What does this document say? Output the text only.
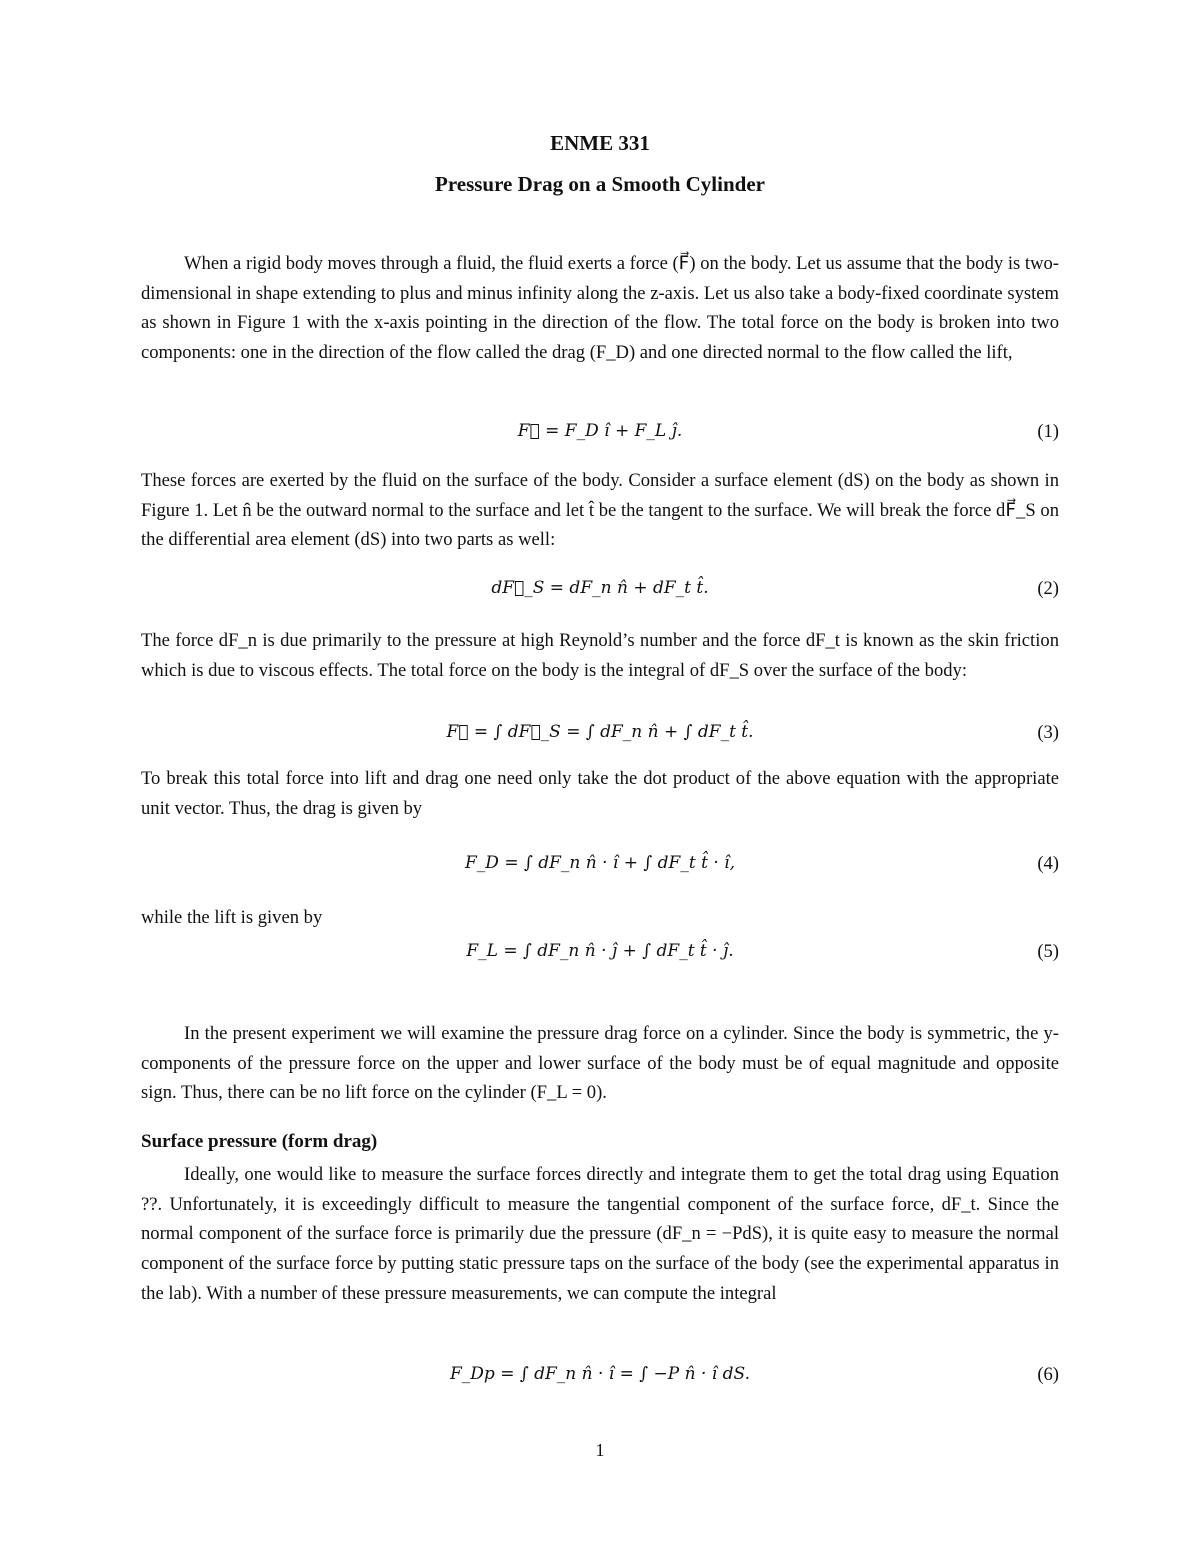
ENME 331
Pressure Drag on a Smooth Cylinder

When a rigid body moves through a fluid, the fluid exerts a force (F⃗) on the body. Let us assume that the body is two-dimensional in shape extending to plus and minus infinity along the z-axis. Let us also take a body-fixed coordinate system as shown in Figure 1 with the x-axis pointing in the direction of the flow. The total force on the body is broken into two components: one in the direction of the flow called the drag (F_D) and one directed normal to the flow called the lift,

F⃗ = F_D î + F_L ĵ.	(1)

These forces are exerted by the fluid on the surface of the body. Consider a surface element (dS) on the body as shown in Figure 1. Let n̂ be the outward normal to the surface and let t̂ be the tangent to the surface. We will break the force dF⃗_S on the differential area element (dS) into two parts as well:

dF⃗_S = dF_n n̂ + dF_t t̂.	(2)

The force dF_n is due primarily to the pressure at high Reynold’s number and the force dF_t is known as the skin friction which is due to viscous effects. The total force on the body is the integral of dF_S over the surface of the body:

F⃗ = ∫ dF⃗_S = ∫ dF_n n̂ + ∫ dF_t t̂.	(3)

To break this total force into lift and drag one need only take the dot product of the above equation with the appropriate unit vector. Thus, the drag is given by

F_D = ∫ dF_n n̂ · î + ∫ dF_t t̂ · î,	(4)

while the lift is given by

F_L = ∫ dF_n n̂ · ĵ + ∫ dF_t t̂ · ĵ.	(5)

In the present experiment we will examine the pressure drag force on a cylinder. Since the body is symmetric, the y-components of the pressure force on the upper and lower surface of the body must be of equal magnitude and opposite sign. Thus, there can be no lift force on the cylinder (F_L = 0).

Surface pressure (form drag)

Ideally, one would like to measure the surface forces directly and integrate them to get the total drag using Equation ??. Unfortunately, it is exceedingly difficult to measure the tangential component of the surface force, dF_t. Since the normal component of the surface force is primarily due the pressure (dF_n = −PdS), it is quite easy to measure the normal component of the surface force by putting static pressure taps on the surface of the body (see the experimental apparatus in the lab). With a number of these pressure measurements, we can compute the integral

F_Dp = ∫ dF_n n̂ · î = ∫ −P n̂ · î dS.	(6)
1
